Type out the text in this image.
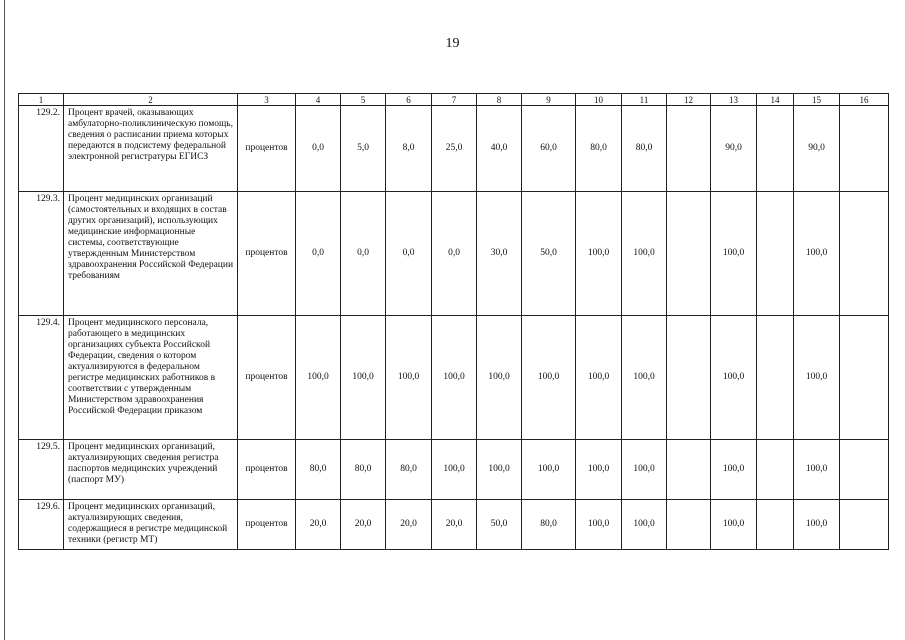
19
1	2	3	4	5	6	7	8	9	10	11	12	13	14	15	16
129.2.	Процент врачей, оказывающих амбулаторно-поликлиническую помощь, сведения о расписании приема которых передаются в подсистему федеральной электронной регистратуры ЕГИСЗ	процентов	0,0	5,0	8,0	25,0	40,0	60,0	80,0	80,0		90,0		90,0	
129.3.	Процент медицинских организаций (самостоятельных и входящих в состав других организаций), использующих медицинские информационные системы, соответствующие утвержденным Министерством здравоохранения Российской Федерации требованиям	процентов	0,0	0,0	0,0	0,0	30,0	50,0	100,0	100,0		100,0		100,0	
129.4.	Процент медицинского персонала, работающего в медицинских организациях субъекта Российской Федерации, сведения о котором актуализируются в федеральном регистре медицинских работников в соответствии с утвержденным Министерством здравоохранения Российской Федерации приказом	процентов	100,0	100,0	100,0	100,0	100,0	100,0	100,0	100,0		100,0		100,0	
129.5.	Процент медицинских организаций, актуализирующих сведения регистра паспортов медицинских учреждений (паспорт МУ)	процентов	80,0	80,0	80,0	100,0	100,0	100,0	100,0	100,0		100,0		100,0	
129.6.	Процент медицинских организаций, актуализирующих сведения, содержащиеся в регистре медицинской техники (регистр МТ)	процентов	20,0	20,0	20,0	20,0	50,0	80,0	100,0	100,0		100,0		100,0	
